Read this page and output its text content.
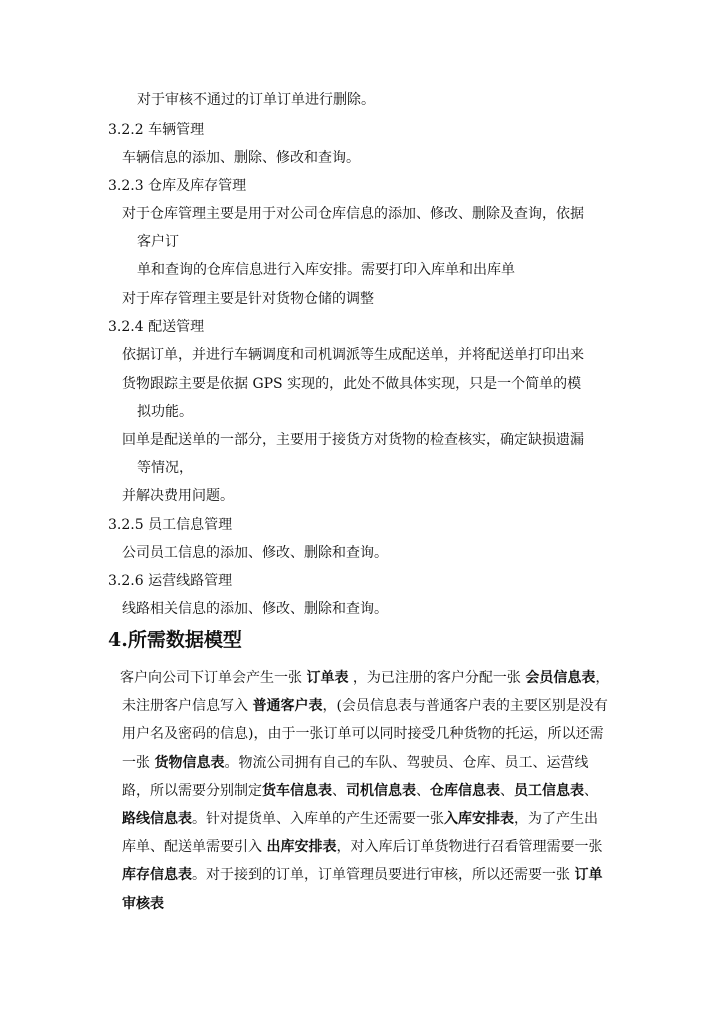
对于审核不通过的订单订单进行删除。
3.2.2 车辆管理
车辆信息的添加、删除、修改和查询。
3.2.3 仓库及库存管理
对于仓库管理主要是用于对公司仓库信息的添加、修改、删除及查询，依据
客户订
单和查询的仓库信息进行入库安排。需要打印入库单和出库单
对于库存管理主要是针对货物仓储的调整
3.2.4 配送管理
依据订单，并进行车辆调度和司机调派等生成配送单，并将配送单打印出来
货物跟踪主要是依据 GPS 实现的，此处不做具体实现，只是一个简单的模
拟功能。
回单是配送单的一部分，主要用于接货方对货物的检查核实，确定缺损遗漏
等情况，
并解决费用问题。
3.2.5 员工信息管理
公司员工信息的添加、修改、删除和查询。
3.2.6 运营线路管理
线路相关信息的添加、修改、删除和查询。
4.所需数据模型
客户向公司下订单会产生一张 订单表 ，为已注册的客户分配一张 会员信息表，未注册客户信息写入 普通客户表，(会员信息表与普通客户表的主要区别是没有用户名及密码的信息)，由于一张订单可以同时接受几种货物的托运，所以还需一张 货物信息表。物流公司拥有自己的车队、驾驶员、仓库、员工、运营线路，所以需要分别制定货车信息表、司机信息表、仓库信息表、员工信息表、路线信息表。针对提货单、入库单的产生还需要一张入库安排表，为了产生出库单、配送单需要引入 出库安排表，对入库后订单货物进行召看管理需要一张 库存信息表。对于接到的订单，订单管理员要进行审核，所以还需要一张 订单审核表
